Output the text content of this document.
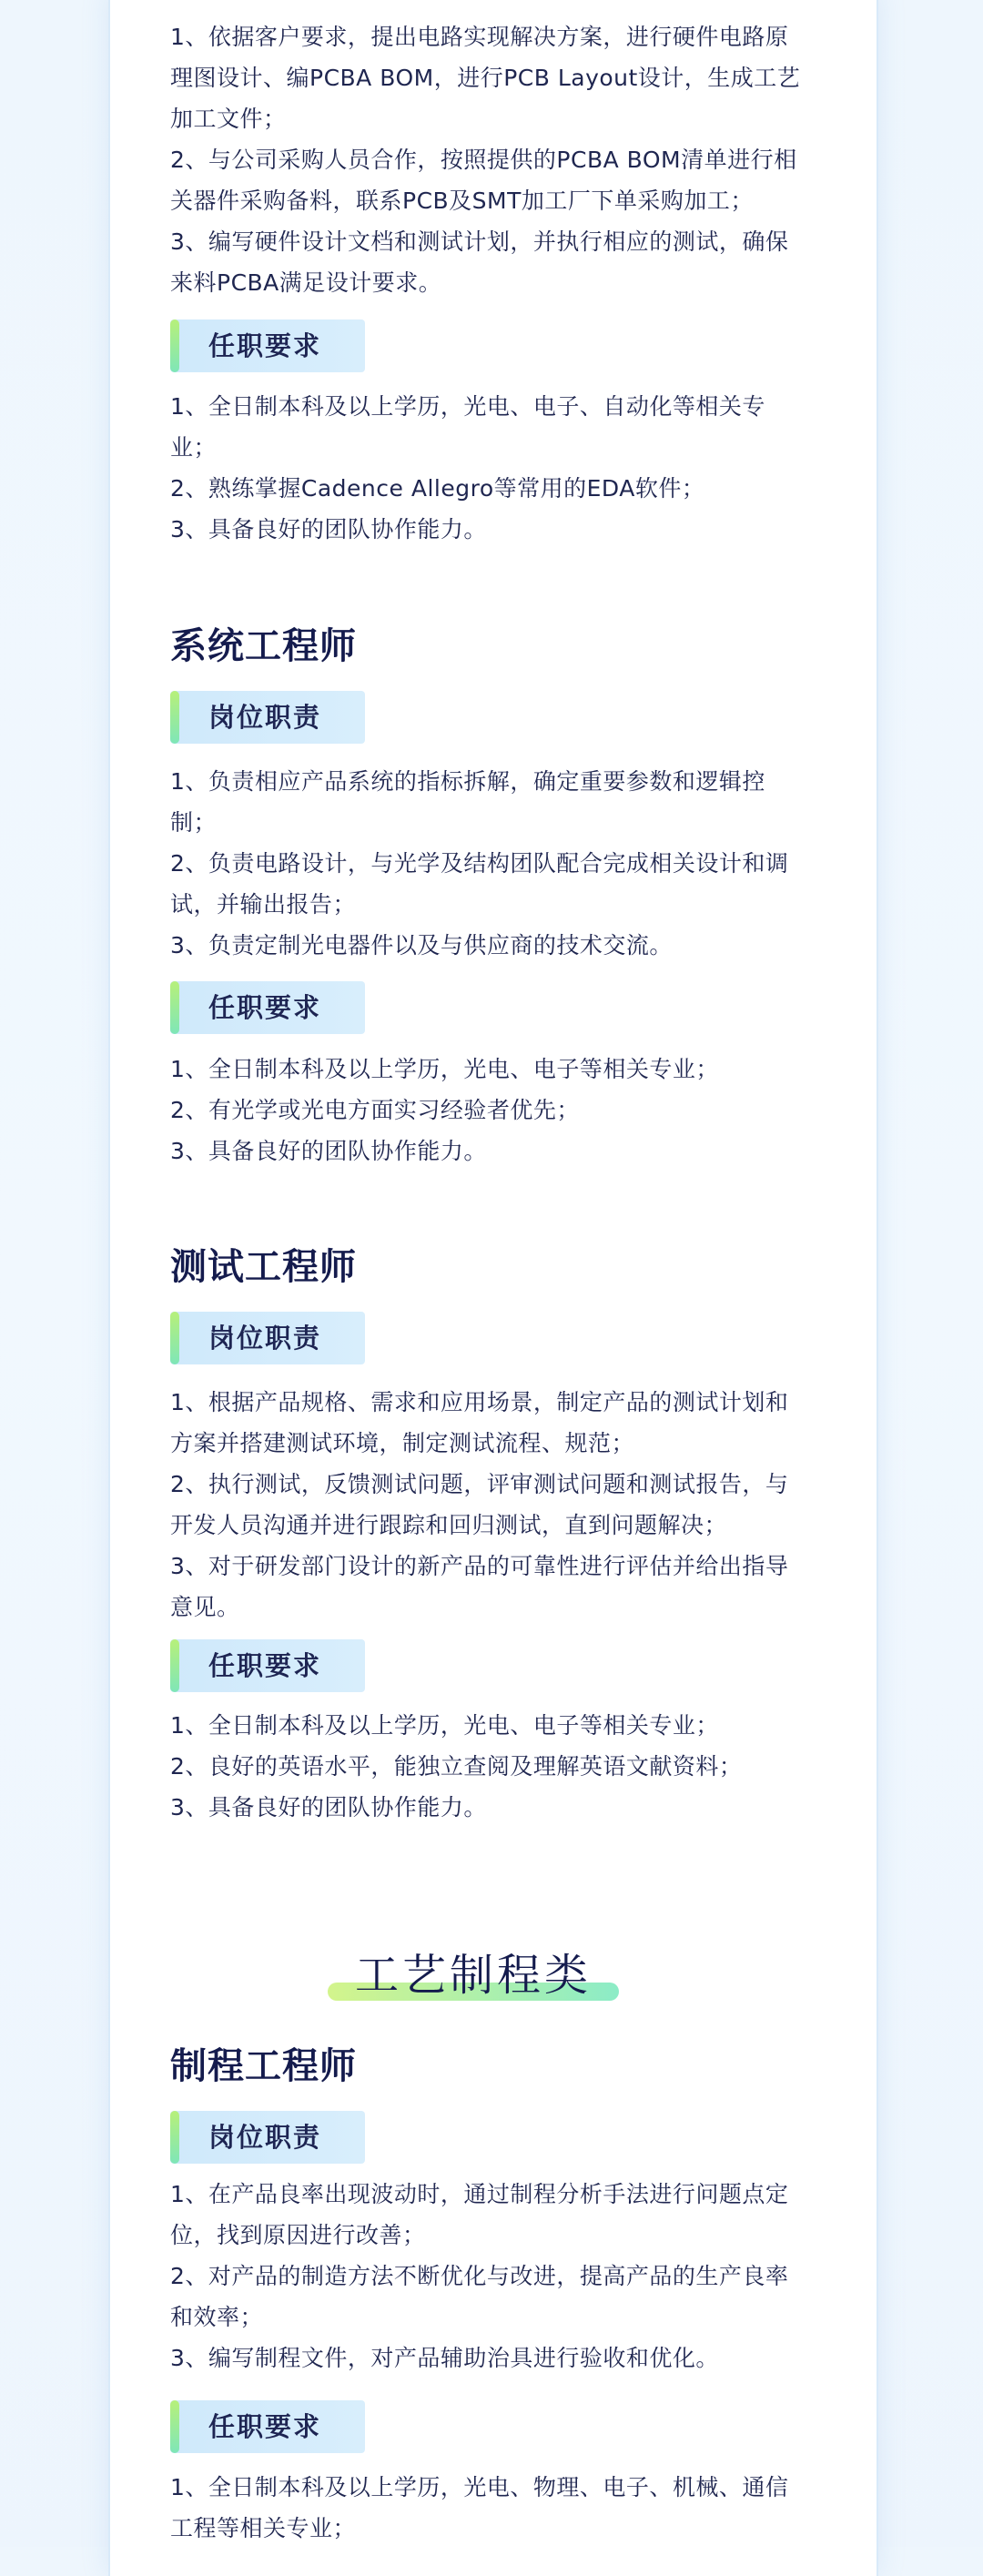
1、依据客户要求，提出电路实现解决方案，进行硬件电路原
理图设计、编PCBA BOM，进行PCB Layout设计，生成工艺
加工文件；
2、与公司采购人员合作，按照提供的PCBA BOM清单进行相
关器件采购备料，联系PCB及SMT加工厂下单采购加工；
3、编写硬件设计文档和测试计划，并执行相应的测试，确保
来料PCBA满足设计要求。
任职要求
1、全日制本科及以上学历，光电、电子、自动化等相关专
业；
2、熟练掌握Cadence Allegro等常用的EDA软件；
3、具备良好的团队协作能力。
系统工程师
岗位职责
1、负责相应产品系统的指标拆解，确定重要参数和逻辑控
制；
2、负责电路设计，与光学及结构团队配合完成相关设计和调
试，并输出报告；
3、负责定制光电器件以及与供应商的技术交流。
任职要求
1、全日制本科及以上学历，光电、电子等相关专业；
2、有光学或光电方面实习经验者优先；
3、具备良好的团队协作能力。
测试工程师
岗位职责
1、根据产品规格、需求和应用场景，制定产品的测试计划和
方案并搭建测试环境，制定测试流程、规范；
2、执行测试，反馈测试问题，评审测试问题和测试报告，与
开发人员沟通并进行跟踪和回归测试，直到问题解决；
3、对于研发部门设计的新产品的可靠性进行评估并给出指导
意见。
任职要求
1、全日制本科及以上学历，光电、电子等相关专业；
2、良好的英语水平，能独立查阅及理解英语文献资料；
3、具备良好的团队协作能力。
工艺制程类
制程工程师
岗位职责
1、在产品良率出现波动时，通过制程分析手法进行问题点定
位，找到原因进行改善；
2、对产品的制造方法不断优化与改进，提高产品的生产良率
和效率；
3、编写制程文件，对产品辅助治具进行验收和优化。
任职要求
1、全日制本科及以上学历，光电、物理、电子、机械、通信
工程等相关专业；
